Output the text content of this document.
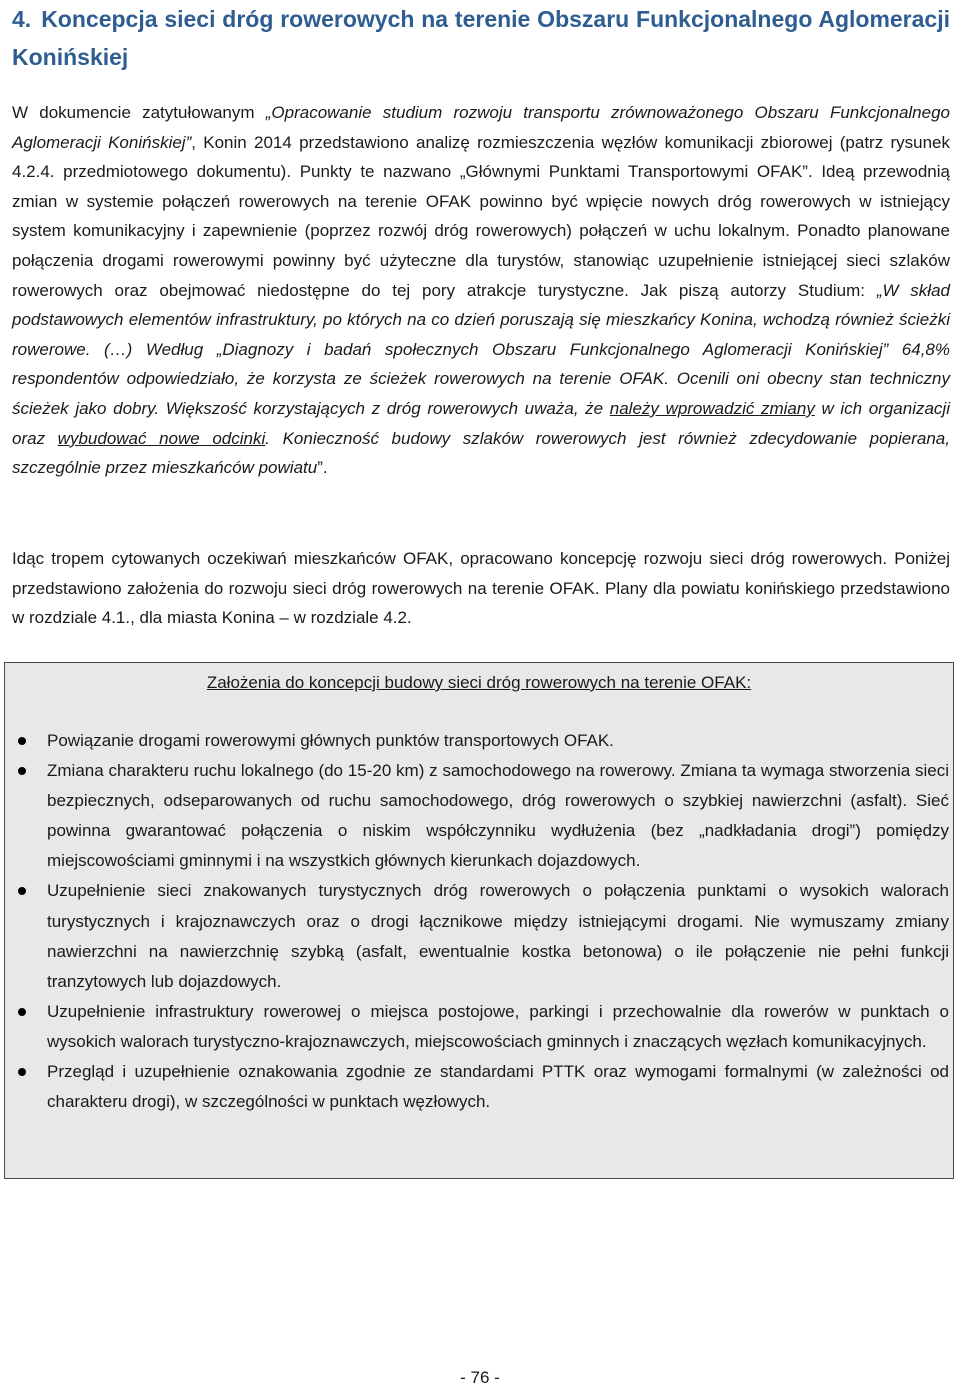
4. Koncepcja sieci dróg rowerowych na terenie Obszaru Funkcjonalnego Aglomeracji Konińskiej

W dokumencie zatytułowanym „Opracowanie studium rozwoju transportu zrównoważonego Obszaru Funkcjonalnego Aglomeracji Konińskiej”, Konin 2014 przedstawiono analizę rozmieszczenia węzłów komunikacji zbiorowej (patrz rysunek 4.2.4. przedmiotowego dokumentu). Punkty te nazwano „Głównymi Punktami Transportowymi OFAK”. Ideą przewodnią zmian w systemie połączeń rowerowych na terenie OFAK powinno być wpięcie nowych dróg rowerowych w istniejący system komunikacyjny i zapewnienie (poprzez rozwój dróg rowerowych) połączeń w uchu lokalnym. Ponadto planowane połączenia drogami rowerowymi powinny być użyteczne dla turystów, stanowiąc uzupełnienie istniejącej sieci szlaków rowerowych oraz obejmować niedostępne do tej pory atrakcje turystyczne. Jak piszą autorzy Studium: „W skład podstawowych elementów infrastruktury, po których na co dzień poruszają się mieszkańcy Konina, wchodzą również ścieżki rowerowe. (…) Według „Diagnozy i badań społecznych Obszaru Funkcjonalnego Aglomeracji Konińskiej” 64,8% respondentów odpowiedziało, że korzysta ze ścieżek rowerowych na terenie OFAK. Ocenili oni obecny stan techniczny ścieżek jako dobry. Większość korzystających z dróg rowerowych uważa, że należy wprowadzić zmiany w ich organizacji oraz wybudować nowe odcinki. Konieczność budowy szlaków rowerowych jest również zdecydowanie popierana, szczególnie przez mieszkańców powiatu”.

Idąc tropem cytowanych oczekiwań mieszkańców OFAK, opracowano koncepcję rozwoju sieci dróg rowerowych. Poniżej przedstawiono założenia do rozwoju sieci dróg rowerowych na terenie OFAK. Plany dla powiatu konińskiego przedstawiono w rozdziale 4.1., dla miasta Konina – w rozdziale 4.2.

Założenia do koncepcji budowy sieci dróg rowerowych na terenie OFAK:

Powiązanie drogami rowerowymi głównych punktów transportowych OFAK.
Zmiana charakteru ruchu lokalnego (do 15-20 km) z samochodowego na rowerowy. Zmiana ta wymaga stworzenia sieci bezpiecznych, odseparowanych od ruchu samochodowego, dróg rowerowych o szybkiej nawierzchni (asfalt). Sieć powinna gwarantować połączenia o niskim współczynniku wydłużenia (bez „nadkładania drogi”) pomiędzy miejscowościami gminnymi i na wszystkich głównych kierunkach dojazdowych.
Uzupełnienie sieci znakowanych turystycznych dróg rowerowych o połączenia punktami o wysokich walorach turystycznych i krajoznawczych oraz o drogi łącznikowe między istniejącymi drogami. Nie wymuszamy zmiany nawierzchni na nawierzchnię szybką (asfalt, ewentualnie kostka betonowa) o ile połączenie nie pełni funkcji tranzytowych lub dojazdowych.
Uzupełnienie infrastruktury rowerowej o miejsca postojowe, parkingi i przechowalnie dla rowerów w punktach o wysokich walorach turystyczno-krajoznawczych, miejscowościach gminnych i znaczących węzłach komunikacyjnych.
Przegląd i uzupełnienie oznakowania zgodnie ze standardami PTTK oraz wymogami formalnymi (w zależności od charakteru drogi), w szczególności w punktach węzłowych.

- 76 -
